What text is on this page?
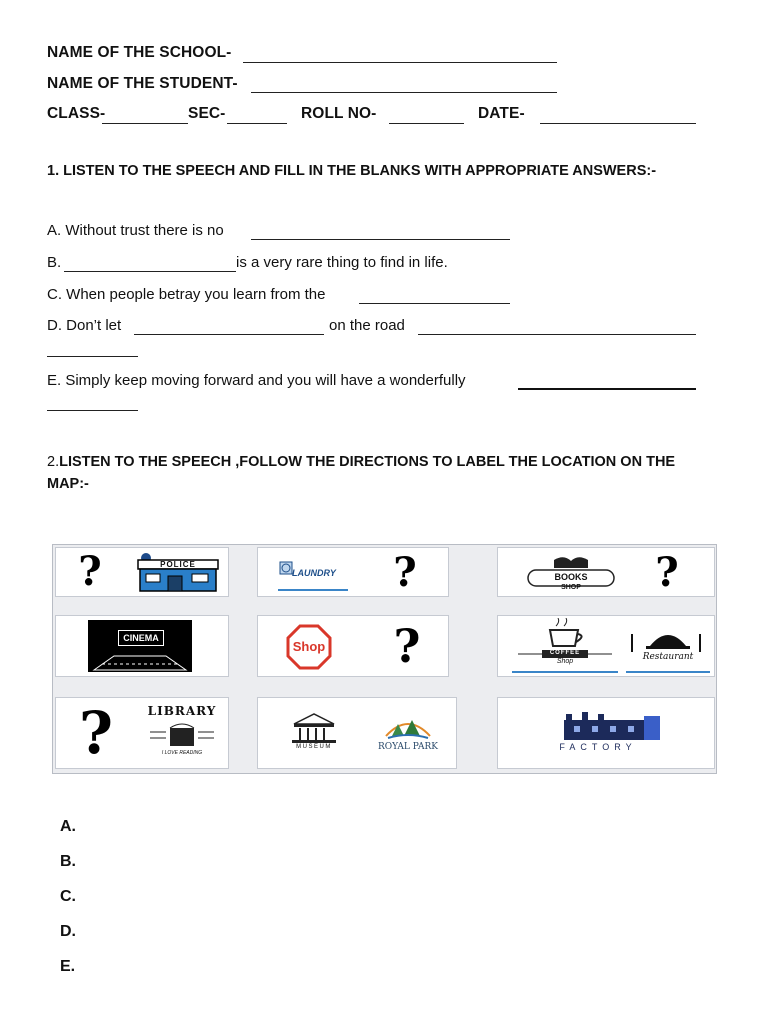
NAME OF THE SCHOOL-
NAME OF THE STUDENT-
CLASS-	SEC-	ROLL NO-	DATE-
1. LISTEN TO THE SPEECH AND FILL IN THE BLANKS WITH APPROPRIATE ANSWERS:-
A. Without trust there is no
B.	is a very rare thing to find in life.
C. When people betray you learn from the
D. Don’t let	on the road
E. Simply keep moving forward and you will have a wonderfully
2.LISTEN TO THE SPEECH ,FOLLOW THE DIRECTIONS TO LABEL THE LOCATION ON THE
MAP:-
?	POLICE
LAUNDRY	?	BOOKS
SHOP	?
CINEMA
Shop	?	COFFEE
Shop	Restaurant
?	LIBRARY
I LOVE READING
MUSEUM	ROYAL PARK	FACTORY
A.
B.
C.
D.
E.
